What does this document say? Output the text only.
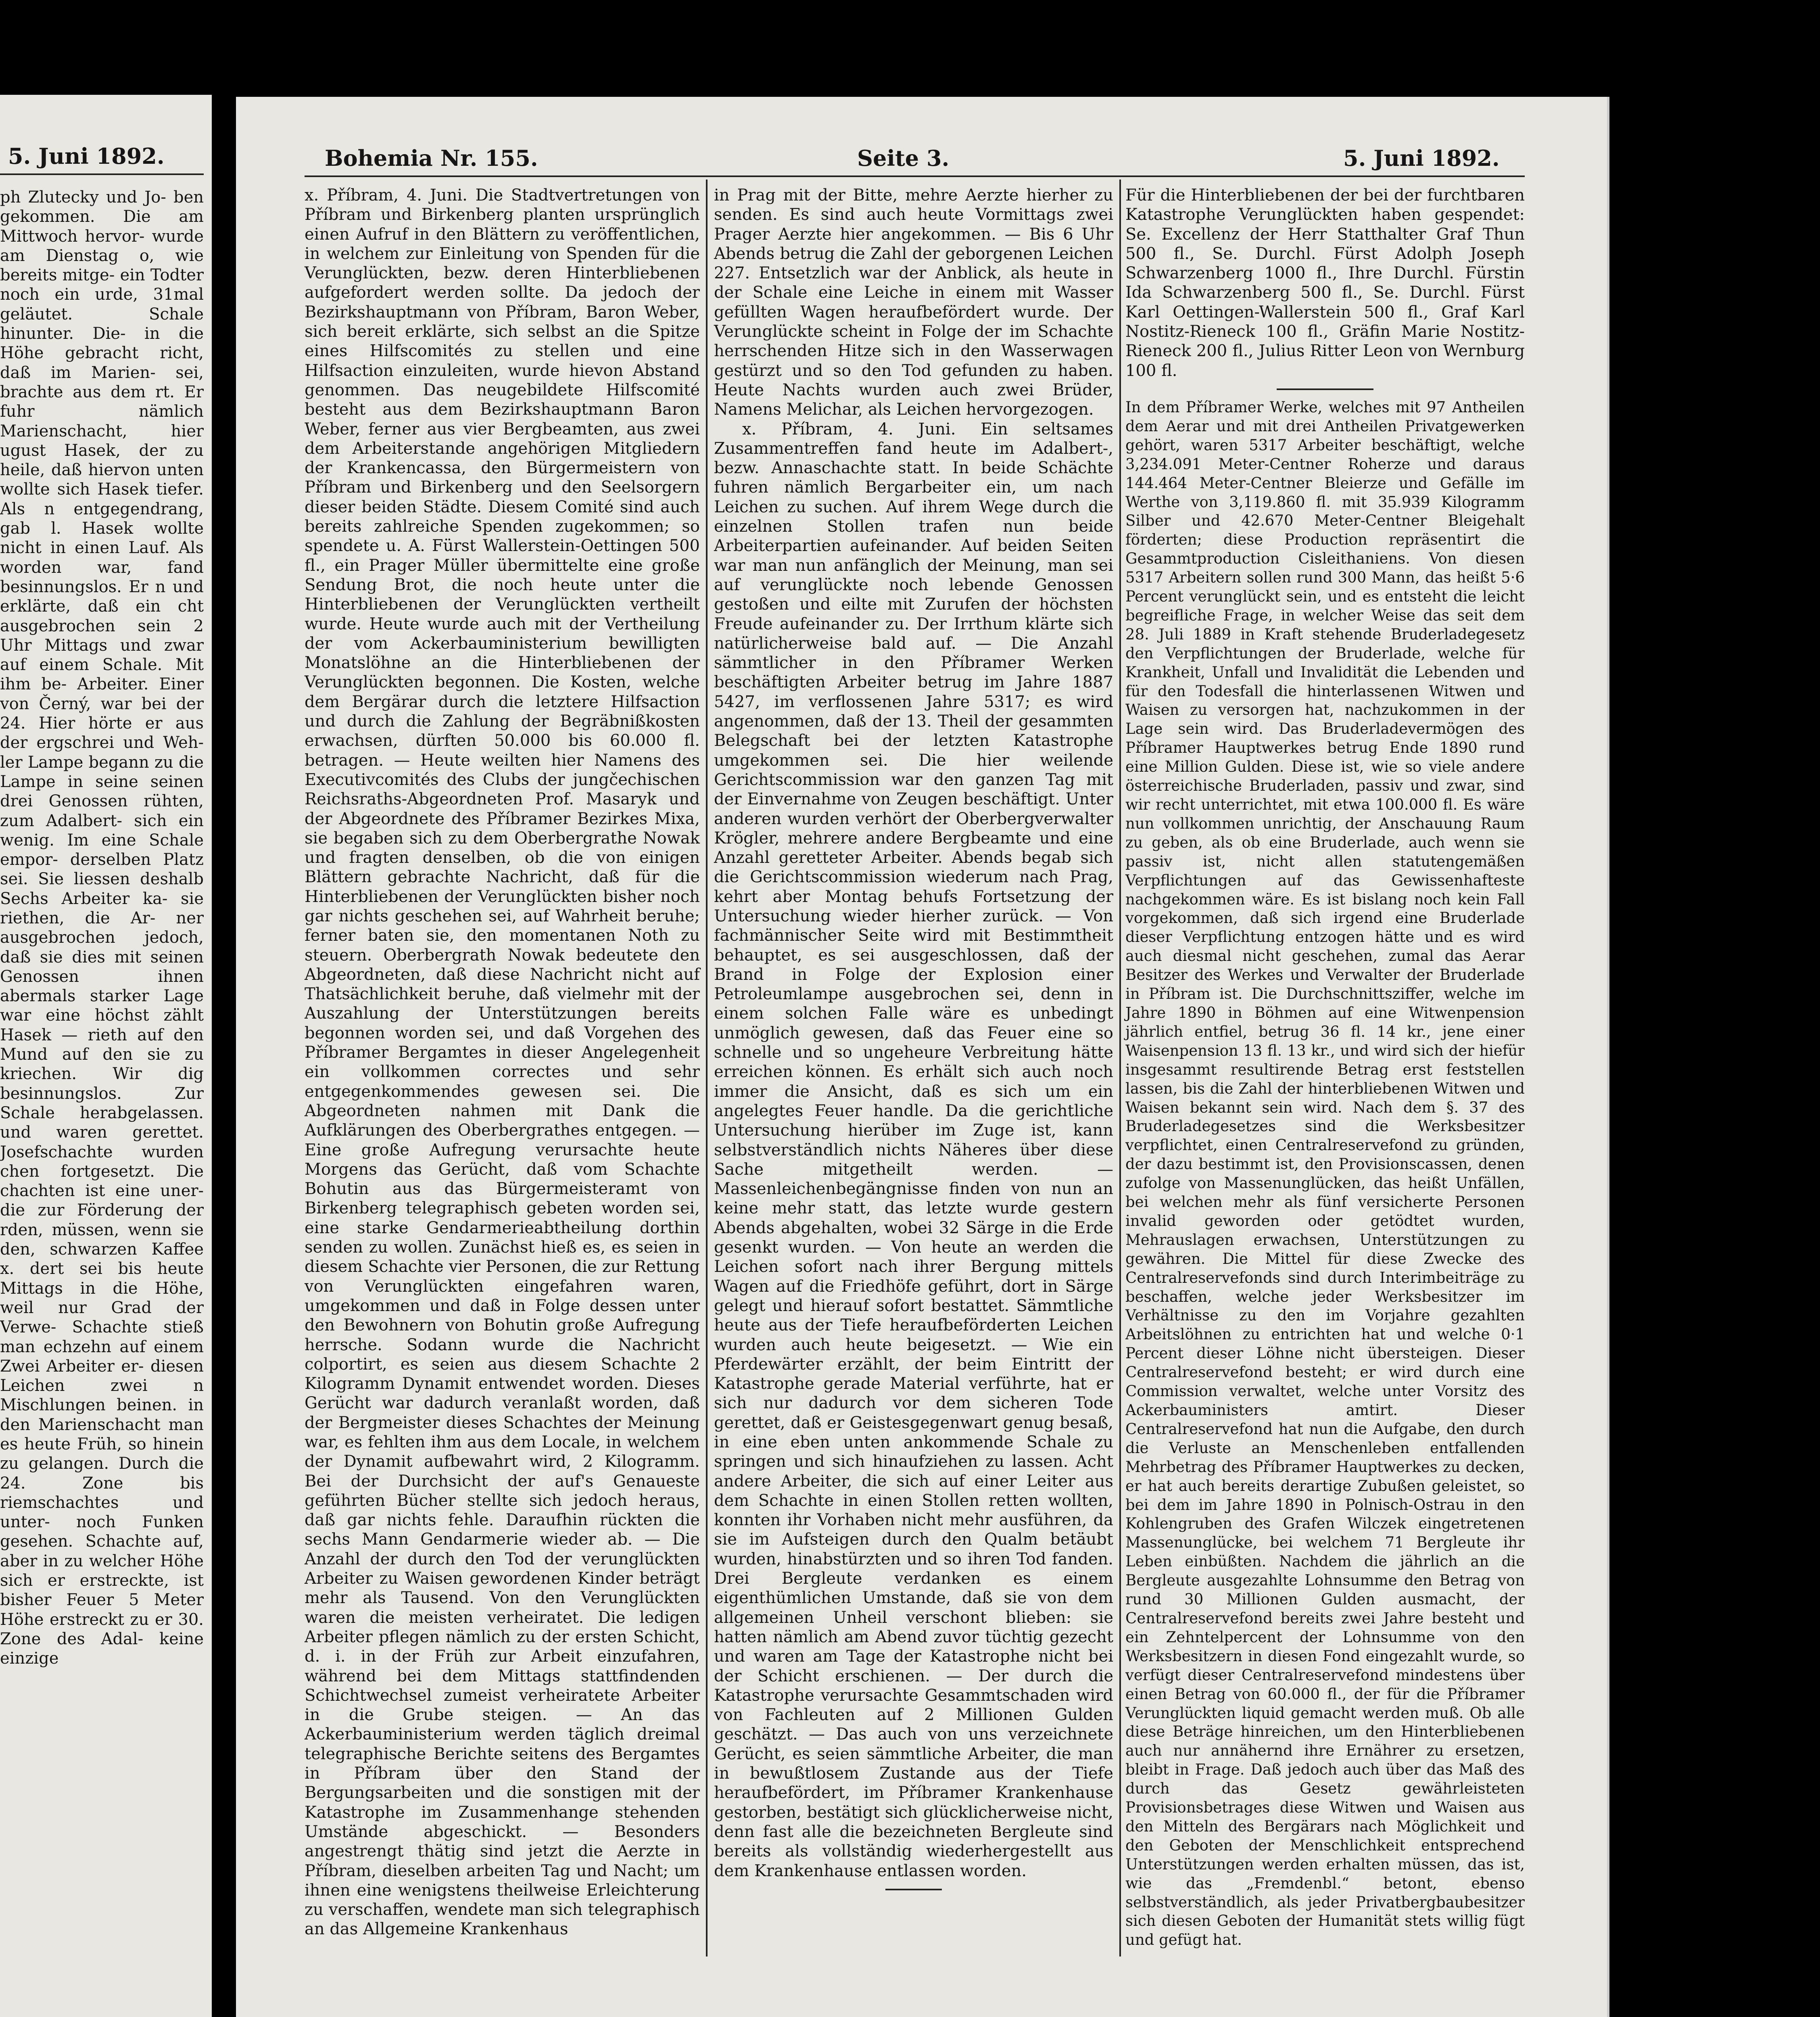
5. Juni 1892.
ph Zlutecky und Jo- ben gekommen. Die am Mittwoch hervor- wurde am Dienstag o, wie bereits mitge- ein Todter noch ein urde, 31mal geläutet. Schale hinunter. Die- in die Höhe gebracht richt, daß im Marien- sei, brachte aus dem rt. Er fuhr nämlich Marienschacht, hier ugust Hasek, der zu heile, daß hiervon unten wollte sich Hasek tiefer. Als n entgegendrang, gab l. Hasek wollte nicht in einen Lauf. Als worden war, fand besinnungslos. Er n und erklärte, daß ein cht ausgebrochen sein 2 Uhr Mittags und zwar auf einem Schale. Mit ihm be- Arbeiter. Einer von Černý, war bei der 24. Hier hörte er aus der ergschrei und Weh- ler Lampe begann zu die Lampe in seine seinen drei Genossen rühten, zum Adalbert- sich ein wenig. Im eine Schale empor- derselben Platz sei. Sie liessen deshalb Sechs Arbeiter ka- sie riethen, die Ar- ner ausgebrochen jedoch, daß sie dies mit seinen Genossen ihnen abermals starker Lage war eine höchst zählt Hasek — rieth auf den Mund auf den sie zu kriechen. Wir dig besinnungslos. Zur Schale herabgelassen. und waren gerettet. Josefschachte wurden chen fortgesetzt. Die chachten ist eine uner- die zur Förderung der rden, müssen, wenn sie den, schwarzen Kaffee x. dert sei bis heute Mittags in die Höhe, weil nur Grad der Verwe- Schachte stieß man echzehn auf einem Zwei Arbeiter er- diesen Leichen zwei n Mischlungen beinen. in den Marienschacht man es heute Früh, so hinein zu gelangen. Durch die 24. Zone bis riemschachtes und unter- noch Funken gesehen. Schachte auf, aber in zu welcher Höhe sich er erstreckte, ist bisher Feuer 5 Meter Höhe erstreckt zu er 30. Zone des Adal- keine einzige
Bohemia Nr. 155.	Seite 3.	5. Juni 1892.

x. Příbram, 4. Juni. Die Stadtvertretungen von Příbram und Birkenberg planten ursprünglich einen Aufruf in den Blättern zu veröffentlichen, in welchem zur Einleitung von Spenden für die Verunglückten, bezw. deren Hinterbliebenen aufgefordert werden sollte. Da jedoch der Bezirkshauptmann von Příbram, Baron Weber, sich bereit erklärte, sich selbst an die Spitze eines Hilfscomités zu stellen und eine Hilfsaction einzuleiten, wurde hievon Abstand genommen. Das neugebildete Hilfscomité besteht aus dem Bezirkshauptmann Baron Weber, ferner aus vier Bergbeamten, aus zwei dem Arbeiterstande angehörigen Mitgliedern der Krankencassa, den Bürgermeistern von Příbram und Birkenberg und den Seelsorgern dieser beiden Städte. Diesem Comité sind auch bereits zahlreiche Spenden zugekommen; so spendete u. A. Fürst Wallerstein-Oettingen 500 fl., ein Prager Müller übermittelte eine große Sendung Brot, die noch heute unter die Hinterbliebenen der Verunglückten vertheilt wurde. Heute wurde auch mit der Vertheilung der vom Ackerbauministerium bewilligten Monatslöhne an die Hinterbliebenen der Verunglückten begonnen. Die Kosten, welche dem Bergärar durch die letztere Hilfsaction und durch die Zahlung der Begräbnißkosten erwachsen, dürften 50.000 bis 60.000 fl. betragen. — Heute weilten hier Namens des Executivcomités des Clubs der jungčechischen Reichsraths-Abgeordneten Prof. Masaryk und der Abgeordnete des Příbramer Bezirkes Mixa, sie begaben sich zu dem Oberbergrathe Nowak und fragten denselben, ob die von einigen Blättern gebrachte Nachricht, daß für die Hinterbliebenen der Verunglückten bisher noch gar nichts geschehen sei, auf Wahrheit beruhe; ferner baten sie, den momentanen Noth zu steuern. Oberbergrath Nowak bedeutete den Abgeordneten, daß diese Nachricht nicht auf Thatsächlichkeit beruhe, daß vielmehr mit der Auszahlung der Unterstützungen bereits begonnen worden sei, und daß Vorgehen des Příbramer Bergamtes in dieser Angelegenheit ein vollkommen correctes und sehr entgegenkommendes gewesen sei. Die Abgeordneten nahmen mit Dank die Aufklärungen des Oberbergrathes entgegen. — Eine große Aufregung verursachte heute Morgens das Gerücht, daß vom Schachte Bohutin aus das Bürgermeisteramt von Birkenberg telegraphisch gebeten worden sei, eine starke Gendarmerieabtheilung dorthin senden zu wollen. Zunächst hieß es, es seien in diesem Schachte vier Personen, die zur Rettung von Verunglückten eingefahren waren, umgekommen und daß in Folge dessen unter den Bewohnern von Bohutin große Aufregung herrsche. Sodann wurde die Nachricht colportirt, es seien aus diesem Schachte 2 Kilogramm Dynamit entwendet worden. Dieses Gerücht war dadurch veranlaßt worden, daß der Bergmeister dieses Schachtes der Meinung war, es fehlten ihm aus dem Locale, in welchem der Dynamit aufbewahrt wird, 2 Kilogramm. Bei der Durchsicht der auf's Genaueste geführten Bücher stellte sich jedoch heraus, daß gar nichts fehle. Daraufhin rückten die sechs Mann Gendarmerie wieder ab. — Die Anzahl der durch den Tod der verunglückten Arbeiter zu Waisen gewordenen Kinder beträgt mehr als Tausend. Von den Verunglückten waren die meisten verheiratet. Die ledigen Arbeiter pflegen nämlich zu der ersten Schicht, d. i. in der Früh zur Arbeit einzufahren, während bei dem Mittags stattfindenden Schichtwechsel zumeist verheiratete Arbeiter in die Grube steigen. — An das Ackerbauministerium werden täglich dreimal telegraphische Berichte seitens des Bergamtes in Příbram über den Stand der Bergungsarbeiten und die sonstigen mit der Katastrophe im Zusammenhange stehenden Umstände abgeschickt. — Besonders angestrengt thätig sind jetzt die Aerzte in Příbram, dieselben arbeiten Tag und Nacht; um ihnen eine wenigstens theilweise Erleichterung zu verschaffen, wendete man sich telegraphisch an das Allgemeine Krankenhaus

in Prag mit der Bitte, mehre Aerzte hierher zu senden. Es sind auch heute Vormittags zwei Prager Aerzte hier angekommen. — Bis 6 Uhr Abends betrug die Zahl der geborgenen Leichen 227. Entsetzlich war der Anblick, als heute in der Schale eine Leiche in einem mit Wasser gefüllten Wagen heraufbefördert wurde. Der Verunglückte scheint in Folge der im Schachte herrschenden Hitze sich in den Wasserwagen gestürzt und so den Tod gefunden zu haben. Heute Nachts wurden auch zwei Brüder, Namens Melichar, als Leichen hervorgezogen.

x. Příbram, 4. Juni. Ein seltsames Zusammentreffen fand heute im Adalbert-, bezw. Annaschachte statt. In beide Schächte fuhren nämlich Bergarbeiter ein, um nach Leichen zu suchen. Auf ihrem Wege durch die einzelnen Stollen trafen nun beide Arbeiterpartien aufeinander. Auf beiden Seiten war man nun anfänglich der Meinung, man sei auf verunglückte noch lebende Genossen gestoßen und eilte mit Zurufen der höchsten Freude aufeinander zu. Der Irrthum klärte sich natürlicherweise bald auf. — Die Anzahl sämmtlicher in den Příbramer Werken beschäftigten Arbeiter betrug im Jahre 1887 5427, im verflossenen Jahre 5317; es wird angenommen, daß der 13. Theil der gesammten Belegschaft bei der letzten Katastrophe umgekommen sei. Die hier weilende Gerichtscommission war den ganzen Tag mit der Einvernahme von Zeugen beschäftigt. Unter anderen wurden verhört der Oberbergverwalter Krögler, mehrere andere Bergbeamte und eine Anzahl geretteter Arbeiter. Abends begab sich die Gerichtscommission wiederum nach Prag, kehrt aber Montag behufs Fortsetzung der Untersuchung wieder hierher zurück. — Von fachmännischer Seite wird mit Bestimmtheit behauptet, es sei ausgeschlossen, daß der Brand in Folge der Explosion einer Petroleumlampe ausgebrochen sei, denn in einem solchen Falle wäre es unbedingt unmöglich gewesen, daß das Feuer eine so schnelle und so ungeheure Verbreitung hätte erreichen können. Es erhält sich auch noch immer die Ansicht, daß es sich um ein angelegtes Feuer handle. Da die gerichtliche Untersuchung hierüber im Zuge ist, kann selbstverständlich nichts Näheres über diese Sache mitgetheilt werden. — Massenleichenbegängnisse finden von nun an keine mehr statt, das letzte wurde gestern Abends abgehalten, wobei 32 Särge in die Erde gesenkt wurden. — Von heute an werden die Leichen sofort nach ihrer Bergung mittels Wagen auf die Friedhöfe geführt, dort in Särge gelegt und hierauf sofort bestattet. Sämmtliche heute aus der Tiefe heraufbeförderten Leichen wurden auch heute beigesetzt. — Wie ein Pferdewärter erzählt, der beim Eintritt der Katastrophe gerade Material verführte, hat er sich nur dadurch vor dem sicheren Tode gerettet, daß er Geistesgegenwart genug besaß, in eine eben unten ankommende Schale zu springen und sich hinaufziehen zu lassen. Acht andere Arbeiter, die sich auf einer Leiter aus dem Schachte in einen Stollen retten wollten, konnten ihr Vorhaben nicht mehr ausführen, da sie im Aufsteigen durch den Qualm betäubt wurden, hinabstürzten und so ihren Tod fanden. Drei Bergleute verdanken es einem eigenthümlichen Umstande, daß sie von dem allgemeinen Unheil verschont blieben: sie hatten nämlich am Abend zuvor tüchtig gezecht und waren am Tage der Katastrophe nicht bei der Schicht erschienen. — Der durch die Katastrophe verursachte Gesammtschaden wird von Fachleuten auf 2 Millionen Gulden geschätzt. — Das auch von uns verzeichnete Gerücht, es seien sämmtliche Arbeiter, die man in bewußtlosem Zustande aus der Tiefe heraufbefördert, im Příbramer Krankenhause gestorben, bestätigt sich glücklicherweise nicht, denn fast alle die bezeichneten Bergleute sind bereits als vollständig wiederhergestellt aus dem Krankenhause entlassen worden.

Für die Hinterbliebenen der bei der furchtbaren Katastrophe Verunglückten haben gespendet: Se. Excellenz der Herr Statthalter Graf Thun 500 fl., Se. Durchl. Fürst Adolph Joseph Schwarzenberg 1000 fl., Ihre Durchl. Fürstin Ida Schwarzenberg 500 fl., Se. Durchl. Fürst Karl Oettingen-Wallerstein 500 fl., Graf Karl Nostitz-Rieneck 100 fl., Gräfin Marie Nostitz-Rieneck 200 fl., Julius Ritter Leon von Wernburg 100 fl.

In dem Příbramer Werke, welches mit 97 Antheilen dem Aerar und mit drei Antheilen Privatgewerken gehört, waren 5317 Arbeiter beschäftigt, welche 3,234.091 Meter-Centner Roherze und daraus 144.464 Meter-Centner Bleierze und Gefälle im Werthe von 3,119.860 fl. mit 35.939 Kilogramm Silber und 42.670 Meter-Centner Bleigehalt förderten; diese Production repräsentirt die Gesammtproduction Cisleithaniens. Von diesen 5317 Arbeitern sollen rund 300 Mann, das heißt 5·6 Percent verunglückt sein, und es entsteht die leicht begreifliche Frage, in welcher Weise das seit dem 28. Juli 1889 in Kraft stehende Bruderladegesetz den Verpflichtungen der Bruderlade, welche für Krankheit, Unfall und Invalidität die Lebenden und für den Todesfall die hinterlassenen Witwen und Waisen zu versorgen hat, nachzukommen in der Lage sein wird. Das Bruderladevermögen des Příbramer Hauptwerkes betrug Ende 1890 rund eine Million Gulden. Diese ist, wie so viele andere österreichische Bruderladen, passiv und zwar, sind wir recht unterrichtet, mit etwa 100.000 fl. Es wäre nun vollkommen unrichtig, der Anschauung Raum zu geben, als ob eine Bruderlade, auch wenn sie passiv ist, nicht allen statutengemäßen Verpflichtungen auf das Gewissenhafteste nachgekommen wäre. Es ist bislang noch kein Fall vorgekommen, daß sich irgend eine Bruderlade dieser Verpflichtung entzogen hätte und es wird auch diesmal nicht geschehen, zumal das Aerar Besitzer des Werkes und Verwalter der Bruderlade in Příbram ist. Die Durchschnittsziffer, welche im Jahre 1890 in Böhmen auf eine Witwenpension jährlich entfiel, betrug 36 fl. 14 kr., jene einer Waisenpension 13 fl. 13 kr., und wird sich der hiefür insgesammt resultirende Betrag erst feststellen lassen, bis die Zahl der hinterbliebenen Witwen und Waisen bekannt sein wird. Nach dem §. 37 des Bruderladegesetzes sind die Werksbesitzer verpflichtet, einen Centralreservefond zu gründen, der dazu bestimmt ist, den Provisionscassen, denen zufolge von Massenunglücken, das heißt Unfällen, bei welchen mehr als fünf versicherte Personen invalid geworden oder getödtet wurden, Mehrauslagen erwachsen, Unterstützungen zu gewähren. Die Mittel für diese Zwecke des Centralreservefonds sind durch Interimbeiträge zu beschaffen, welche jeder Werksbesitzer im Verhältnisse zu den im Vorjahre gezahlten Arbeitslöhnen zu entrichten hat und welche 0·1 Percent dieser Löhne nicht übersteigen. Dieser Centralreservefond besteht; er wird durch eine Commission verwaltet, welche unter Vorsitz des Ackerbauministers amtirt. Dieser Centralreservefond hat nun die Aufgabe, den durch die Verluste an Menschenleben entfallenden Mehrbetrag des Příbramer Hauptwerkes zu decken, er hat auch bereits derartige Zubußen geleistet, so bei dem im Jahre 1890 in Polnisch-Ostrau in den Kohlengruben des Grafen Wilczek eingetretenen Massenunglücke, bei welchem 71 Bergleute ihr Leben einbüßten. Nachdem die jährlich an die Bergleute ausgezahlte Lohnsumme den Betrag von rund 30 Millionen Gulden ausmacht, der Centralreservefond bereits zwei Jahre besteht und ein Zehntelpercent der Lohnsumme von den Werksbesitzern in diesen Fond eingezahlt wurde, so verfügt dieser Centralreservefond mindestens über einen Betrag von 60.000 fl., der für die Příbramer Verunglückten liquid gemacht werden muß. Ob alle diese Beträge hinreichen, um den Hinterbliebenen auch nur annähernd ihre Ernährer zu ersetzen, bleibt in Frage. Daß jedoch auch über das Maß des durch das Gesetz gewährleisteten Provisionsbetrages diese Witwen und Waisen aus den Mitteln des Bergärars nach Möglichkeit und den Geboten der Menschlichkeit entsprechend Unterstützungen werden erhalten müssen, das ist, wie das „Fremdenbl.“ betont, ebenso selbstverständlich, als jeder Privatbergbaubesitzer sich diesen Geboten der Humanität stets willig fügt und gefügt hat.
